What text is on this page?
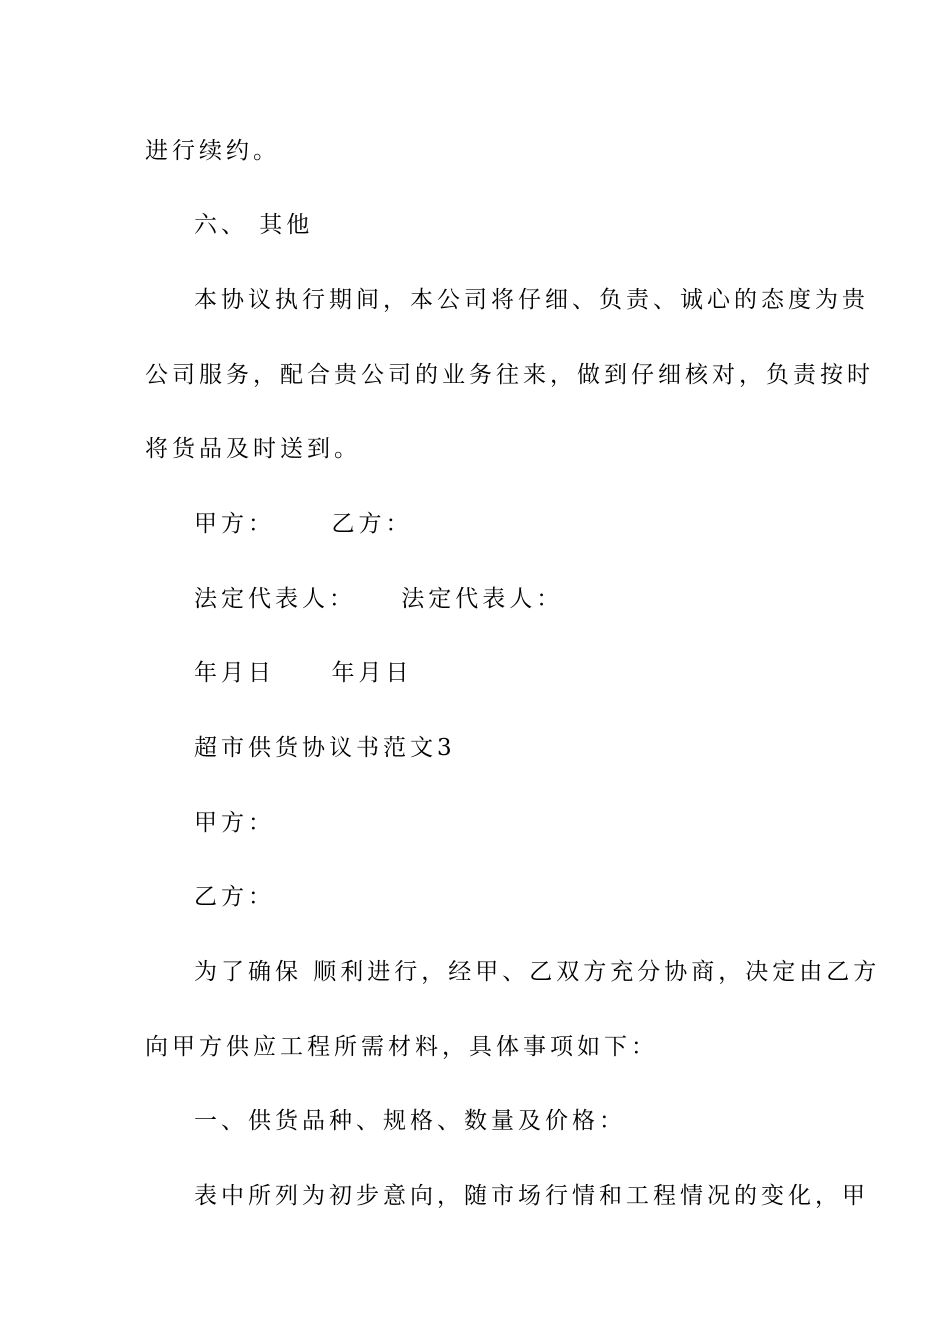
进行续约。
六、 其他
本协议执行期间，本公司将仔细、负责、诚心的态度为贵
公司服务，配合贵公司的业务往来，做到仔细核对，负责按时
将货品及时送到。
甲方：     乙方：
法定代表人：    法定代表人：
年月日     年月日
超市供货协议书范文3
甲方：
乙方：
为了确保 顺利进行，经甲、乙双方充分协商，决定由乙方
向甲方供应工程所需材料，具体事项如下：
一、供货品种、规格、数量及价格：
表中所列为初步意向，随市场行情和工程情况的变化，甲
